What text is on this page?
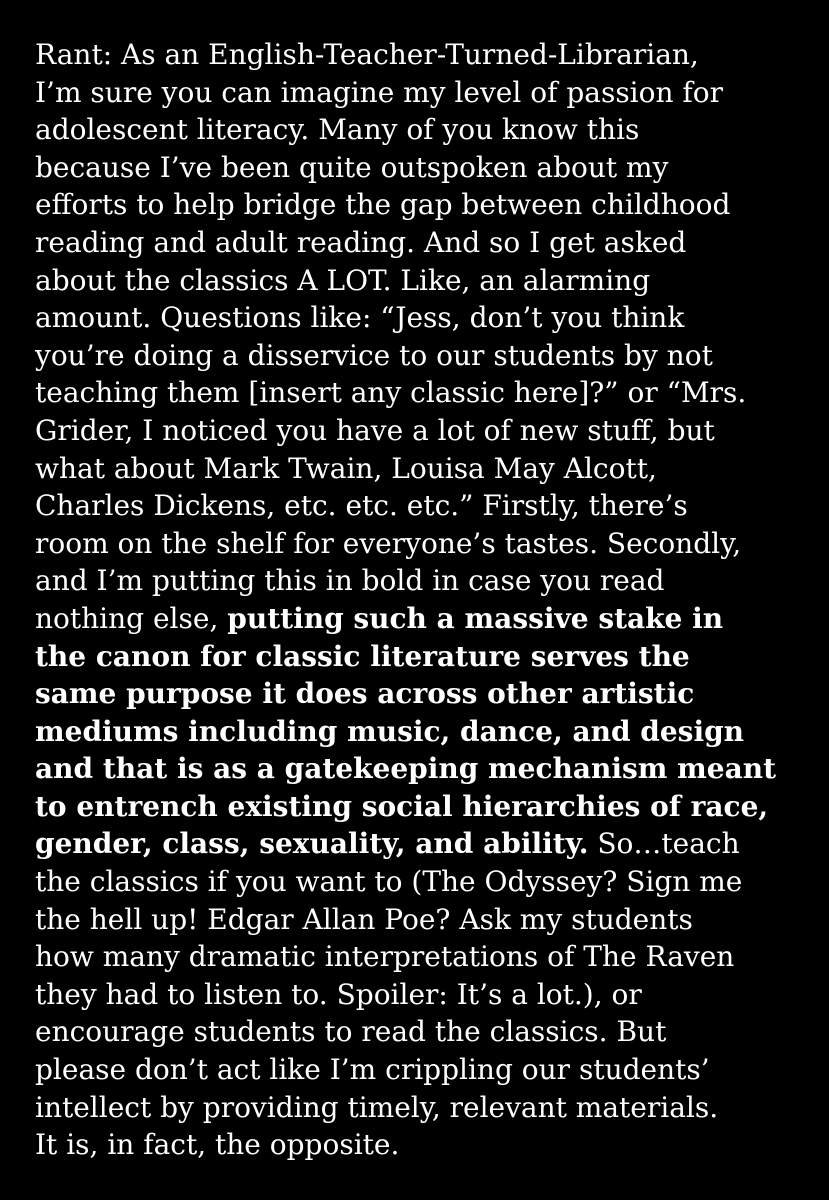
Rant: As an English-Teacher-Turned-Librarian,
I’m sure you can imagine my level of passion for
adolescent literacy. Many of you know this
because I’ve been quite outspoken about my
efforts to help bridge the gap between childhood
reading and adult reading. And so I get asked
about the classics A LOT. Like, an alarming
amount. Questions like: “Jess, don’t you think
you’re doing a disservice to our students by not
teaching them [insert any classic here]?” or “Mrs.
Grider, I noticed you have a lot of new stuff, but
what about Mark Twain, Louisa May Alcott,
Charles Dickens, etc. etc. etc.” Firstly, there’s
room on the shelf for everyone’s tastes. Secondly,
and I’m putting this in bold in case you read
nothing else, putting such a massive stake in
the canon for classic literature serves the
same purpose it does across other artistic
mediums including music, dance, and design
and that is as a gatekeeping mechanism meant
to entrench existing social hierarchies of race,
gender, class, sexuality, and ability. So…teach
the classics if you want to (The Odyssey? Sign me
the hell up! Edgar Allan Poe? Ask my students
how many dramatic interpretations of The Raven
they had to listen to. Spoiler: It’s a lot.), or
encourage students to read the classics. But
please don’t act like I’m crippling our students’
intellect by providing timely, relevant materials.
It is, in fact, the opposite.
